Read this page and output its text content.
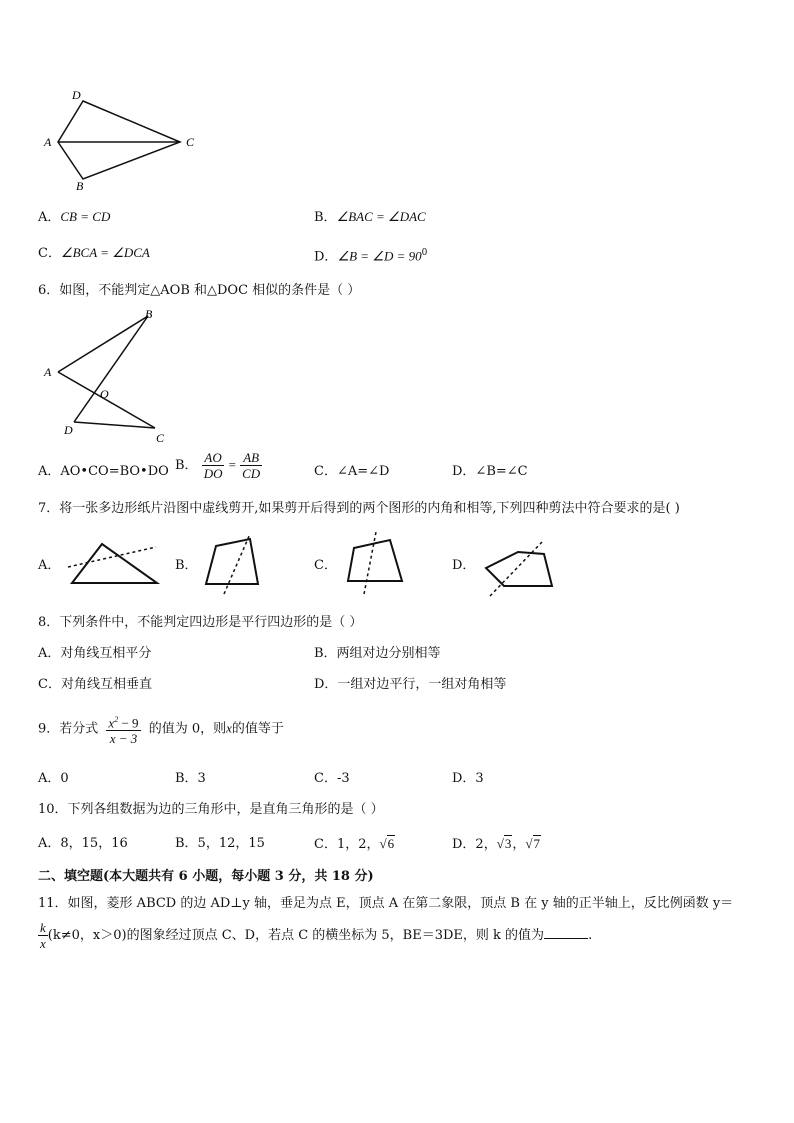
D
A	C
B
A．CB = CD	B．∠BAC = ∠DAC
C．∠BCA = ∠DCA	D．∠B = ∠D = $90^0$
6．如图，不能判定△AOB 和△DOC 相似的条件是（ ）
B
A
O
D
C
A．AO•CO=BO•DO B． $\frac{AO}{DO} = \frac{AB}{CD}$	C．∠A=∠D	D．∠B=∠C
7．将一张多边形纸片沿图中虚线剪开,如果剪开后得到的两个图形的内角和相等,下列四种剪法中符合要求的是( )
A．	B．	C．	D．
8．下列条件中，不能判定四边形是平行四边形的是（ ）
A．对角线互相平分	B．两组对边分别相等
C．对角线互相垂直	D．一组对边平行，一组对角相等
9．若分式 $\frac{x^2 - 9}{x - 3}$ 的值为 0，则x的值等于
A．0	B．3	C．-3	D．3
10．下列各组数据为边的三角形中，是直角三角形的是（ ）
A．8，15，16	B．5，12，15	C．1，2，√6	D．2，√3，√7
二、填空题(本大题共有 6 小题，每小题 3 分，共 18 分)
11．如图，菱形 ABCD 的边 AD⊥y 轴，垂足为点 E，顶点 A 在第二象限，顶点 B 在 y 轴的正半轴上，反比例函数 y＝
$\frac{k}{x} (k\ne 0$，x＞0)的图象经过顶点 C、D，若点 C 的横坐标为 5，BE＝3DE，则 k 的值为	.
